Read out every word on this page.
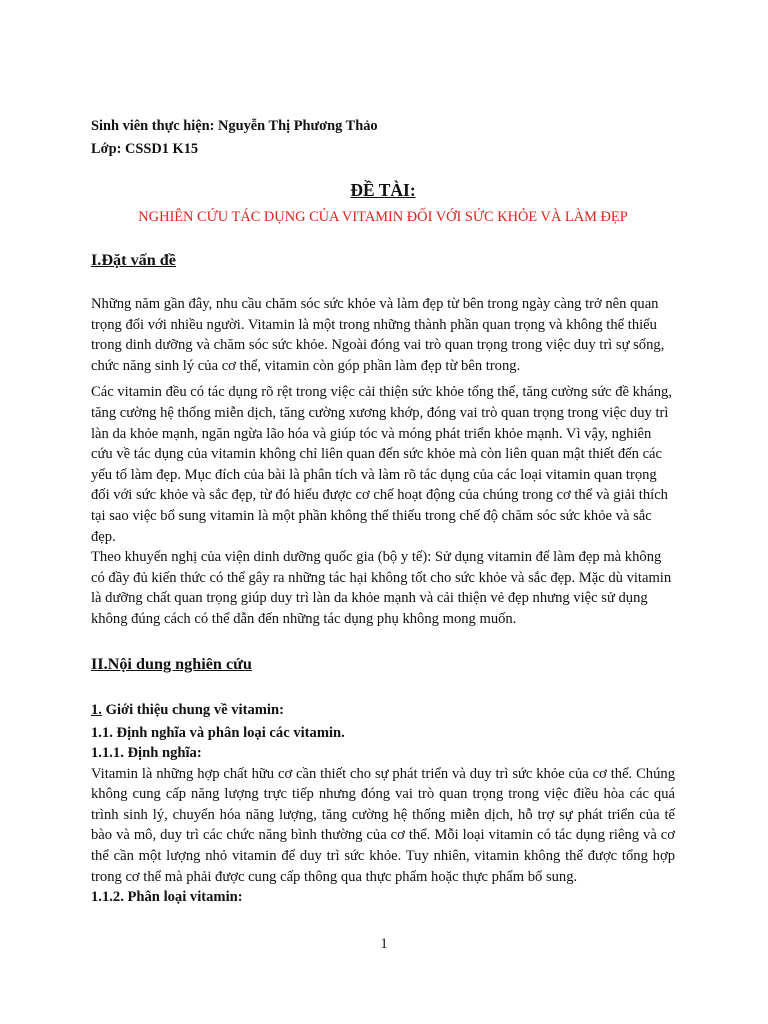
Sinh viên thực hiện: Nguyễn Thị Phương Thảo

Lớp: CSSD1 K15

ĐỀ TÀI:
NGHIÊN CỨU TÁC DỤNG CỦA VITAMIN ĐỐI VỚI SỨC KHỎE VÀ LÀM ĐẸP
I.Đặt vấn đề

Những năm gần đây, nhu cầu chăm sóc sức khỏe và làm đẹp từ bên trong ngày càng trở nên quan trọng đối với nhiều người. Vitamin là một trong những thành phần quan trọng và không thể thiếu trong dinh dưỡng và chăm sóc sức khỏe. Ngoài đóng vai trò quan trọng trong việc duy trì sự sống, chức năng sinh lý của cơ thể, vitamin còn góp phần làm đẹp từ bên trong.

Các vitamin đều có tác dụng rõ rệt trong việc cải thiện sức khỏe tổng thể, tăng cường sức đề kháng, tăng cường hệ thống miễn dịch, tăng cường xương khớp, đóng vai trò quan trọng trong việc duy trì làn da khỏe mạnh, ngăn ngừa lão hóa và giúp tóc và móng phát triển khỏe mạnh. Vì vậy, nghiên cứu về tác dụng của vitamin không chỉ liên quan đến sức khỏe mà còn liên quan mật thiết đến các yếu tố làm đẹp. Mục đích của bài là phân tích và làm rõ tác dụng của các loại vitamin quan trọng đối với sức khỏe và sắc đẹp, từ đó hiểu được cơ chế hoạt động của chúng trong cơ thể và giải thích tại sao việc bổ sung vitamin là một phần không thể thiếu trong chế độ chăm sóc sức khỏe và sắc đẹp.

Theo khuyến nghị của viện dinh dưỡng quốc gia (bộ y tế): Sử dụng vitamin để làm đẹp mà không có đầy đủ kiến thức có thể gây ra những tác hại không tốt cho sức khỏe và sắc đẹp. Mặc dù vitamin là dưỡng chất quan trọng giúp duy trì làn da khỏe mạnh và cải thiện vẻ đẹp nhưng việc sử dụng không đúng cách có thể dẫn đến những tác dụng phụ không mong muốn.

II.Nội dung nghiên cứu
1. Giới thiệu chung về vitamin:
1.1. Định nghĩa và phân loại các vitamin.
1.1.1. Định nghĩa:

Vitamin là những hợp chất hữu cơ cần thiết cho sự phát triển và duy trì sức khỏe của cơ thể. Chúng không cung cấp năng lượng trực tiếp nhưng đóng vai trò quan trọng trong việc điều hòa các quá trình sinh lý, chuyển hóa năng lượng, tăng cường hệ thống miễn dịch, hỗ trợ sự phát triển của tế bào và mô, duy trì các chức năng bình thường của cơ thể. Mỗi loại vitamin có tác dụng riêng và cơ thể cần một lượng nhỏ vitamin để duy trì sức khỏe. Tuy nhiên, vitamin không thể được tổng hợp trong cơ thể mà phải được cung cấp thông qua thực phẩm hoặc thực phẩm bổ sung.

1.1.2. Phân loại vitamin:
1
